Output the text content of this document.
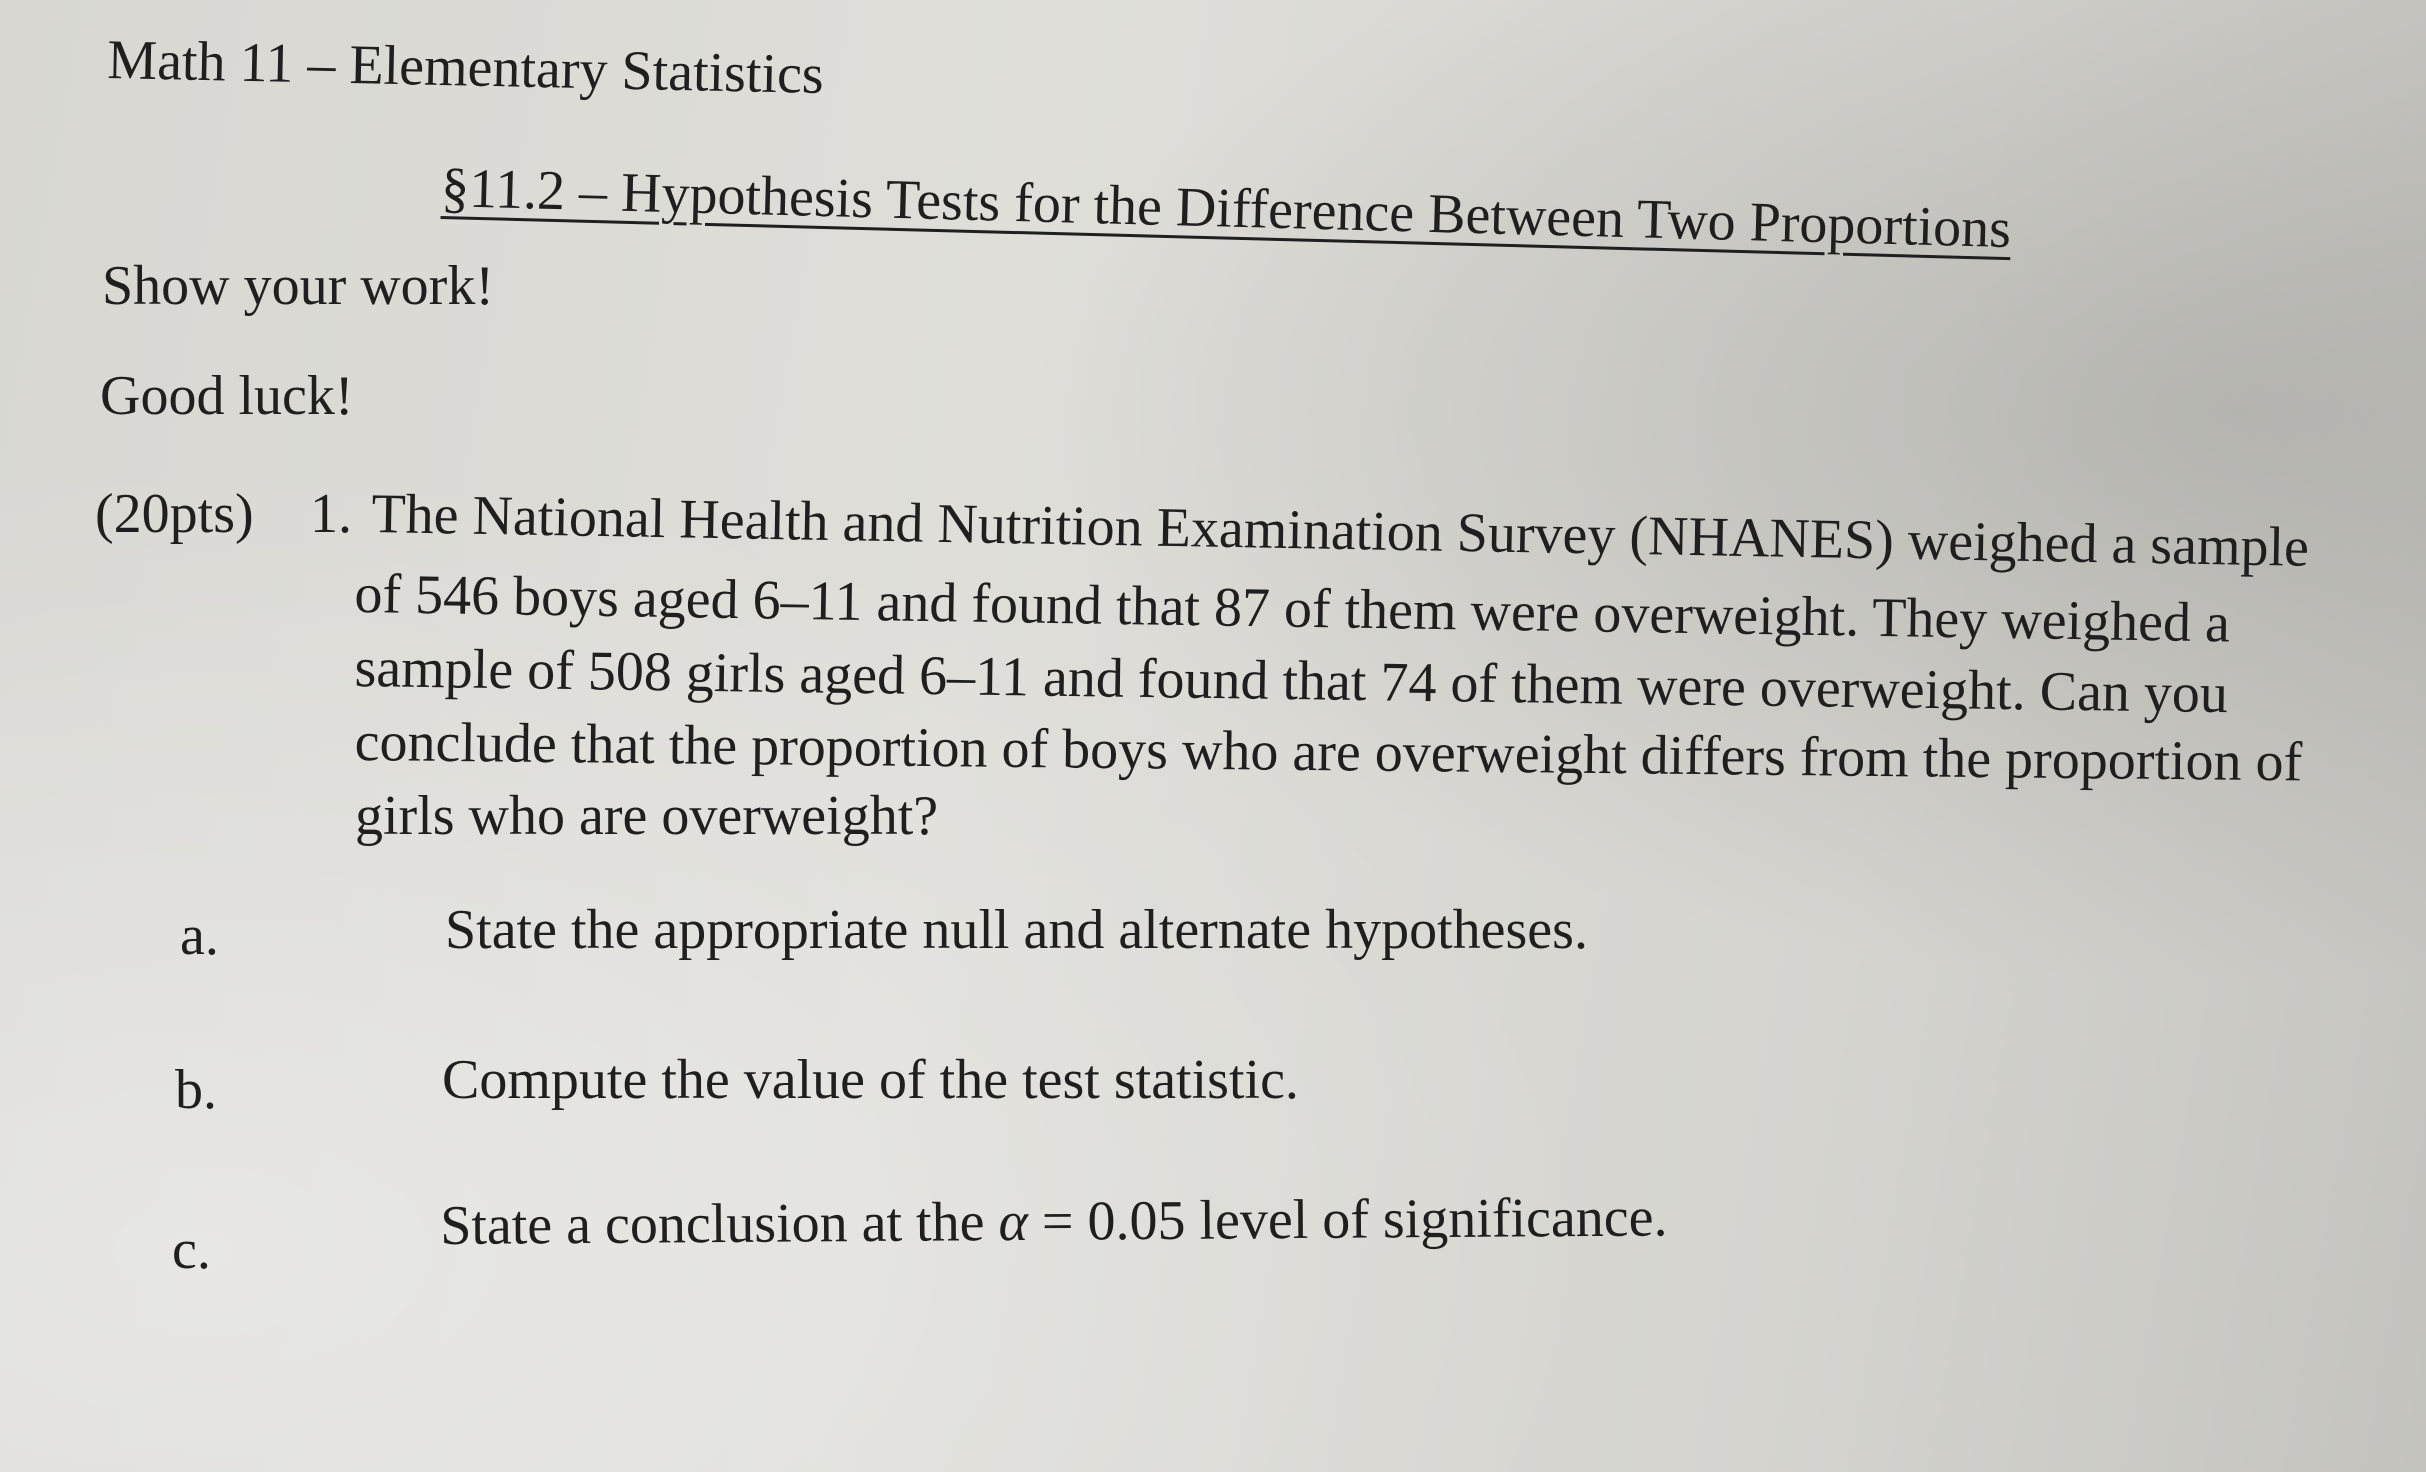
Math 11 – Elementary Statistics
§11.2 – Hypothesis Tests for the Difference Between Two Proportions
Show your work!
Good luck!
(20pts) 1. The National Health and Nutrition Examination Survey (NHANES) weighed a sample
of 546 boys aged 6–11 and found that 87 of them were overweight. They weighed a
sample of 508 girls aged 6–11 and found that 74 of them were overweight. Can you
conclude that the proportion of boys who are overweight differs from the proportion of
girls who are overweight?
a.	State the appropriate null and alternate hypotheses.
b.	Compute the value of the test statistic.
c.	State a conclusion at the α = 0.05 level of significance.
